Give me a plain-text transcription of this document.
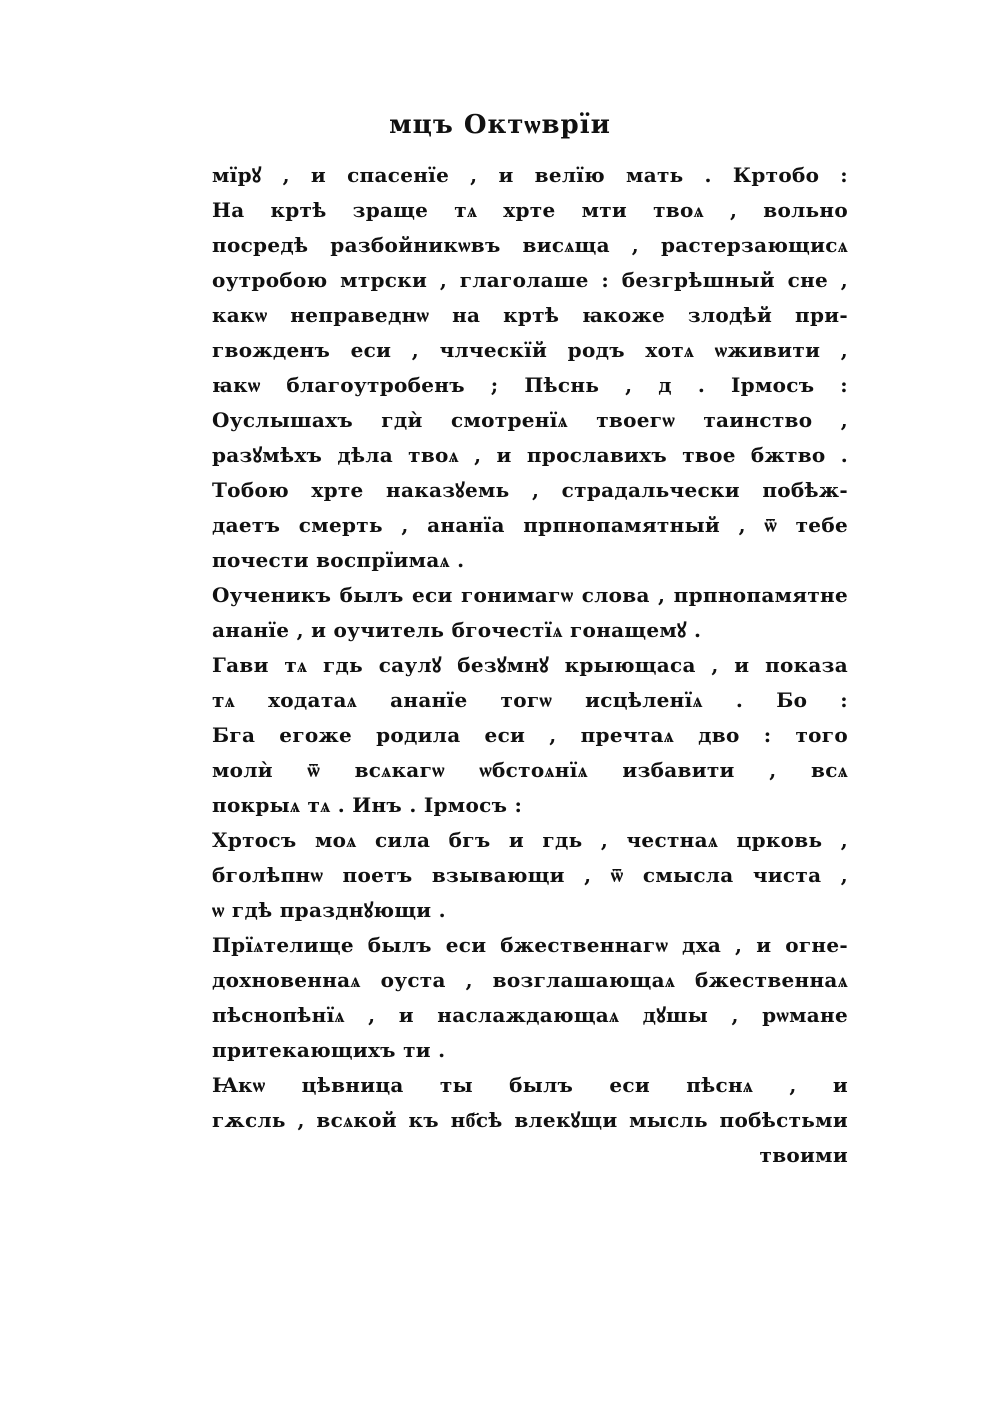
мцъ Октѡврїи
мїрꙋ , и спасенїе , и велїю мать . Кртобо :
На кртѣ зраще тѧ хрте мти твоѧ , вольно
посредѣ разбойникѡвъ висѧща , растерзающисѧ
оутробою мтрски , глаголаше : безгрѣшный сне ,
какѡ неправеднѡ на кртѣ ꙗкоже злодѣй при-
гвожденъ еси , члческїй родъ хотѧ ѡживити ,
ꙗкѡ благоутробенъ ; Пѣснь , д . Ірмосъ :
Оуслышахъ гдѝ смотренїѧ твоегѡ таинство ,
разꙋмѣхъ дѣла твоѧ , и прославихъ твое бжтво .
Тобою хрте наказꙋемь , страдальчески побѣж-
даетъ смерть , ананїа прпнопамятный , ѿ тебе
почести воспрїимаѧ .
Оученикъ былъ еси гонимагѡ слова , прпнопамятне
ананїе , и оучитель бгочестїѧ гонащемꙋ .
Гави тѧ гдь саулꙋ безꙋмнꙋ крыющаса , и показа
тѧ ходатаѧ ананїе тогѡ исцѣленїѧ . Бо :
Бга егоже родила еси , пречтаѧ дво : того
молѝ ѿ всѧкагѡ ѡбстоѧнїѧ избавити , всѧ
покрыѧ тѧ . Инъ . Ірмосъ :
Хртосъ моѧ сила бгъ и гдь , честнаѧ црковь ,
бголѣпнѡ поетъ взывающи , ѿ смысла чиста ,
ѡ гдѣ празднꙋющи .
Прїѧтелище былъ еси бжественнагѡ дха , и огне-
дохновеннаѧ оуста , возглашающаѧ бжественнаѧ
пѣснопѣнїѧ , и наслаждающаѧ дꙋшы , рѡмане
притекающихъ ти .
Ꙗкѡ цѣвница ты былъ еси пѣснѧ , и
гѫсль , всѧкой къ нб҃сѣ влекꙋщи мысль побѣстьми
твоими
